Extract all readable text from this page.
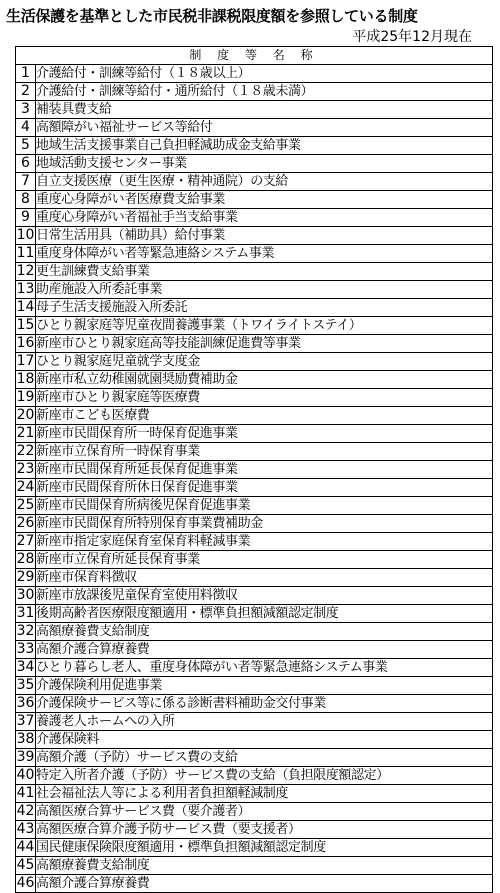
生活保護を基準とした市民税非課税限度額を参照している制度
平成25年12月現在
制 度 等 名 称	
1	介護給付・訓練等給付（１８歳以上）
2	介護給付・訓練等給付・通所給付（１８歳未満）
3	補装具費支給
4	高額障がい福祉サービス等給付
5	地域生活支援事業自己負担軽減助成金支給事業
6	地域活動支援センター事業
7	自立支援医療（更生医療・精神通院）の支給
8	重度心身障がい者医療費支給事業
9	重度心身障がい者福祉手当支給事業
10	日常生活用具（補助具）給付事業
11	重度身体障がい者等緊急連絡システム事業
12	更生訓練費支給事業
13	助産施設入所委託事業
14	母子生活支援施設入所委託
15	ひとり親家庭等児童夜間養護事業（トワイライトステイ）
16	新座市ひとり親家庭高等技能訓練促進費等事業
17	ひとり親家庭児童就学支度金
18	新座市私立幼稚園就園奨励費補助金
19	新座市ひとり親家庭等医療費
20	新座市こども医療費
21	新座市民間保育所一時保育促進事業
22	新座市立保育所一時保育事業
23	新座市民間保育所延長保育促進事業
24	新座市民間保育所休日保育促進事業
25	新座市民間保育所病後児保育促進事業
26	新座市民間保育所特別保育事業費補助金
27	新座市指定家庭保育室保育料軽減事業
28	新座市立保育所延長保育事業
29	新座市保育料徴収
30	新座市放課後児童保育室使用料徴収
31	後期高齢者医療限度額適用・標準負担額減額認定制度
32	高額療養費支給制度
33	高額介護合算療養費
34	ひとり暮らし老人、重度身体障がい者等緊急連絡システム事業
35	介護保険利用促進事業
36	介護保険サービス等に係る診断書料補助金交付事業
37	養護老人ホームへの入所
38	介護保険料
39	高額介護（予防）サービス費の支給
40	特定入所者介護（予防）サービス費の支給（負担限度額認定）
41	社会福祉法人等による利用者負担額軽減制度
42	高額医療合算サービス費（要介護者）
43	高額医療合算介護予防サービス費（要支援者）
44	国民健康保険限度額適用・標準負担額減額認定制度
45	高額療養費支給制度
46	高額介護合算療養費
